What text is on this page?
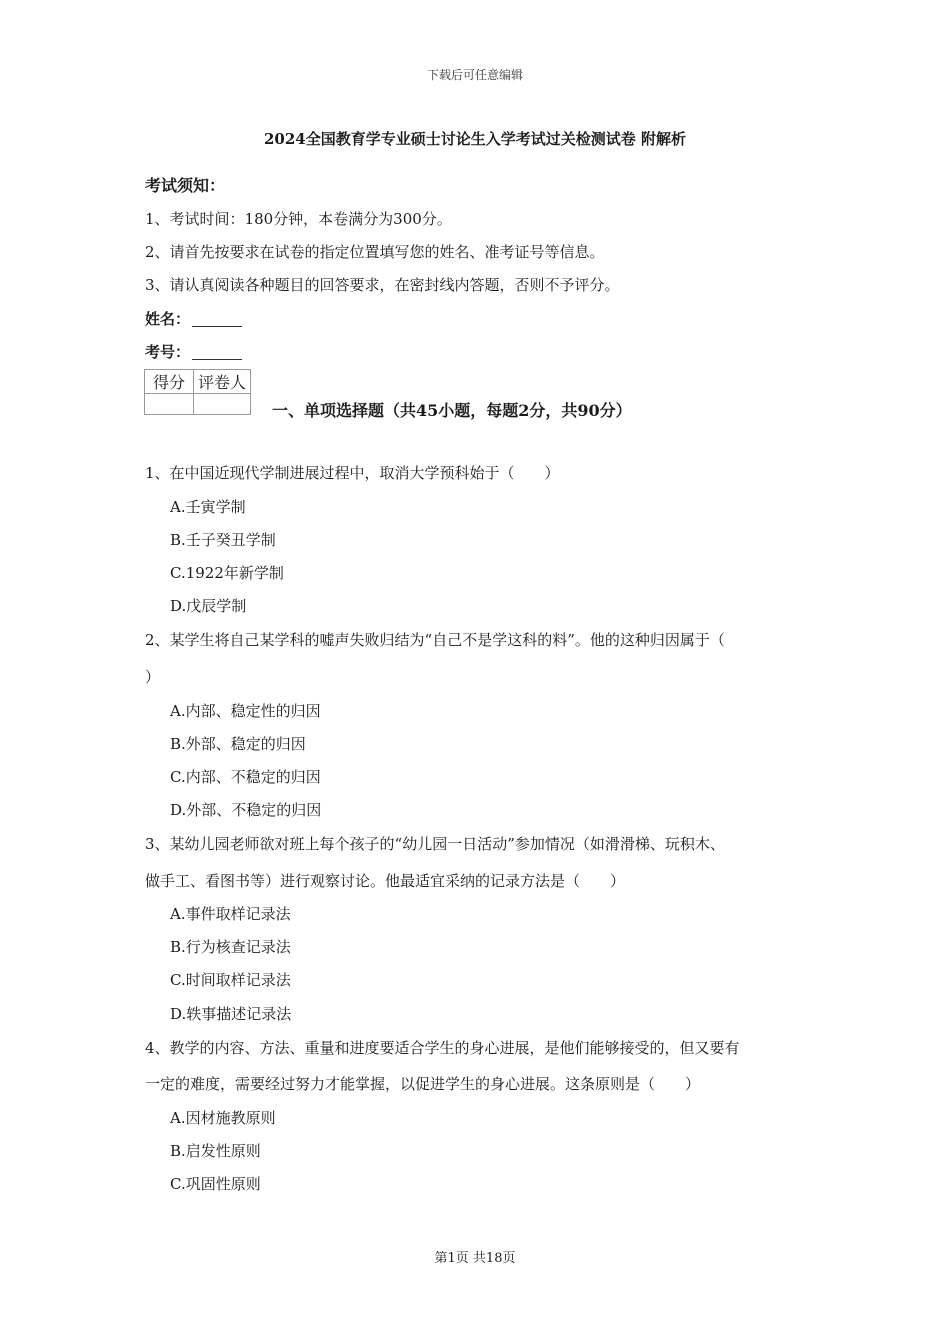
下载后可任意编辑
2024全国教育学专业硕士讨论生入学考试过关检测试卷 附解析
考试须知：
1、考试时间：180分钟，本卷满分为300分。
2、请首先按要求在试卷的指定位置填写您的姓名、准考证号等信息。
3、请认真阅读各种题目的回答要求，在密封线内答题，否则不予评分。
姓名：
考号：
得分	评卷人

一、单项选择题（共45小题，每题2分，共90分）
1、在中国近现代学制进展过程中，取消大学预科始于（　　）
A.壬寅学制
B.壬子癸丑学制
C.1922年新学制
D.戊辰学制
2、某学生将自己某学科的嘘声失败归结为“自己不是学这科的料”。他的这种归因属于（
）
A.内部、稳定性的归因
B.外部、稳定的归因
C.内部、不稳定的归因
D.外部、不稳定的归因
3、某幼儿园老师欲对班上每个孩子的“幼儿园一日活动”参加情况（如滑滑梯、玩积木、
做手工、看图书等）进行观察讨论。他最适宜采纳的记录方法是（　　）
A.事件取样记录法
B.行为核查记录法
C.时间取样记录法
D.轶事描述记录法
4、教学的内容、方法、重量和进度要适合学生的身心进展，是他们能够接受的，但又要有
一定的难度，需要经过努力才能掌握，以促进学生的身心进展。这条原则是（　　）
A.因材施教原则
B.启发性原则
C.巩固性原则
第1页 共18页
